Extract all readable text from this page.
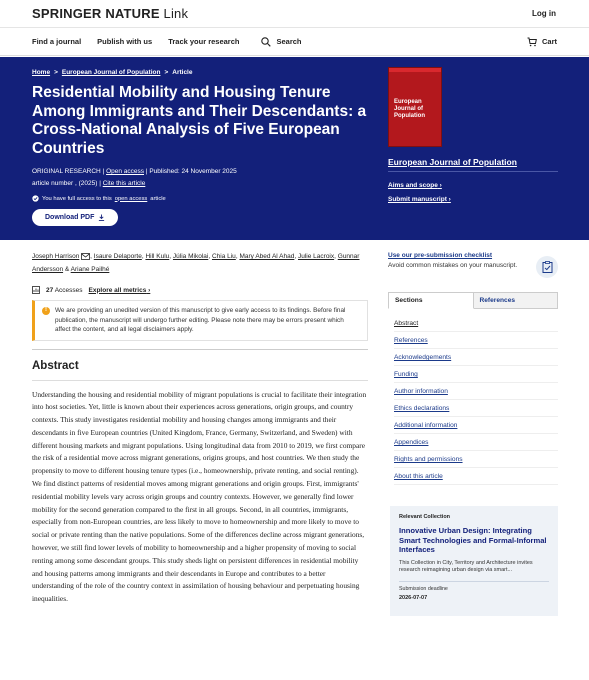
SPRINGER NATURE Link	Log in
Find a journal Publish with us Track your research	Search	Cart
Home > European Journal of Population > Article
Residential Mobility and Housing Tenure Among Immigrants and Their Descendants: a Cross-National Analysis of Five European Countries
ORIGINAL RESEARCH | Open access | Published: 24 November 2025
article number , (2025) | Cite this article
You have full access to this open access article
Download PDF
European
Journal of
Population
European Journal of Population
Aims and scope ›
Submit manuscript ›
Joseph Harrison , Isaure Delaporte, Hill Kulu, Júlia Mikolai, Chia Liu, Mary Abed Al Ahad, Julie Lacroix, Gunnar Andersson & Ariane Pailhé
27 Accesses Explore all metrics ›
!	We are providing an unedited version of this manuscript to give early access to its findings. Before final publication, the manuscript will undergo further editing. Please note there may be errors present which affect the content, and all legal disclaimers apply.
Abstract

Understanding the housing and residential mobility of migrant populations is crucial to facilitate their integration into host societies. Yet, little is known about their experiences across generations, origin groups, and country contexts. This study investigates residential mobility and housing changes among immigrants and their descendants in five European countries (United Kingdom, France, Germany, Switzerland, and Sweden) with different housing markets and migrant populations. Using longitudinal data from 2010 to 2019, we first compare the risk of a residential move across migrant generations, origins groups, and host countries. We then study the propensity to move to different housing tenure types (i.e., homeownership, private renting, and social renting). We find distinct patterns of residential moves among migrant generations and origin groups. First, immigrants' residential mobility levels vary across origin groups and country contexts. However, we generally find lower mobility for the second generation compared to the first in all groups. Second, in all countries, immigrants, especially from non-European countries, are less likely to move to homeownership and more likely to move to social or private renting than the native populations. Some of the differences decline across migrant generations, however, we still find lower levels of mobility to homeownership and a higher propensity of moving to social renting among some descendant groups. This study sheds light on persistent differences in residential mobility and housing patterns among immigrants and their descendants in Europe and contributes to a better understanding of the role of the country context in assimilation of housing behaviour and perpetuating housing inequalities.

Use our pre-submission checklist
Avoid common mistakes on your manuscript.
Sections	References
Abstract
References
Acknowledgements
Funding
Author information
Ethics declarations
Additional information
Appendices
Rights and permissions
About this article
Relevant Collection
Innovative Urban Design: Integrating Smart Technologies and Formal-Informal Interfaces
This Collection in City, Territory and Architecture invites research reimagining urban design via smart...
Submission deadline
2026-07-07
